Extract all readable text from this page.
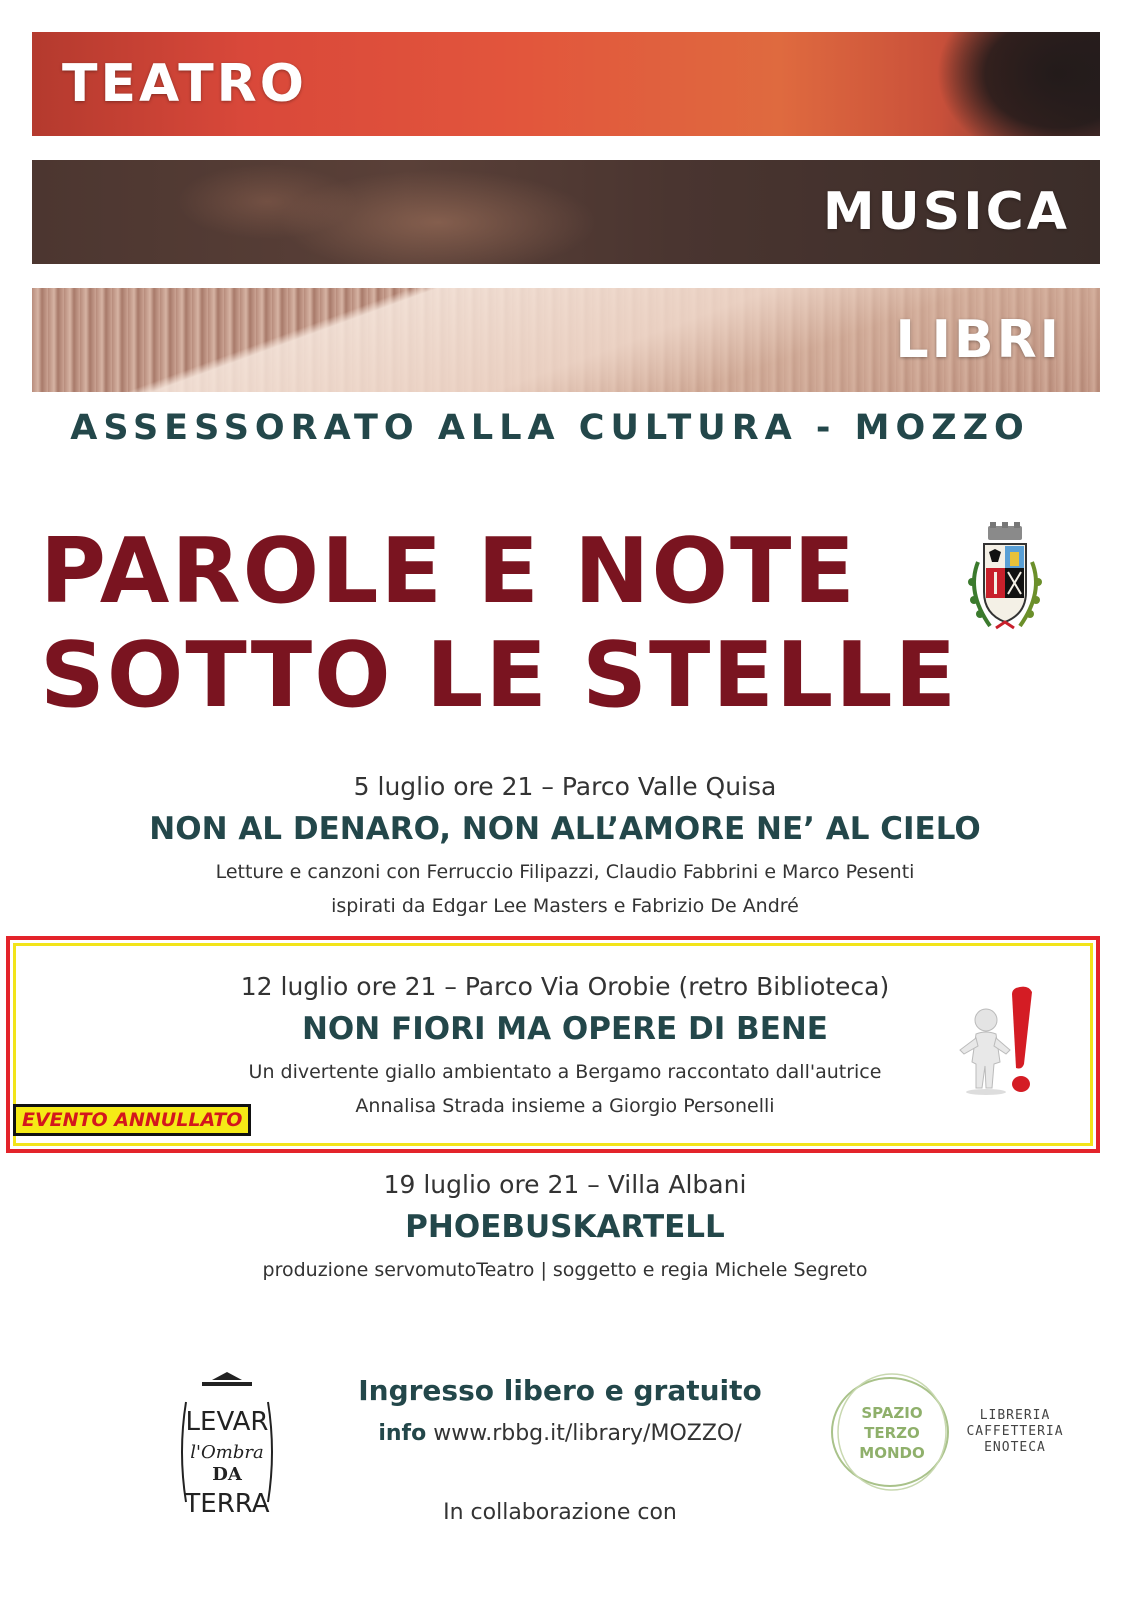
TEATRO
MUSICA
LIBRI
ASSESSORATO ALLA CULTURA - MOZZO
PAROLE E NOTE
SOTTO LE STELLE
5 luglio ore 21 – Parco Valle Quisa
NON AL DENARO, NON ALL’AMORE NE’ AL CIELO
Letture e canzoni con Ferruccio Filipazzi, Claudio Fabbrini e Marco Pesenti
ispirati da Edgar Lee Masters e Fabrizio De André
12 luglio ore 21 – Parco Via Orobie (retro Biblioteca)
NON FIORI MA OPERE DI BENE
Un divertente giallo ambientato a Bergamo raccontato dall'autrice
Annalisa Strada insieme a Giorgio Personelli
EVENTO ANNULLATO
19 luglio ore 21 – Villa Albani
PHOEBUSKARTELL
produzione servomutoTeatro | soggetto e regia Michele Segreto
LEVAR
l'Ombra
DA
TERRA
Ingresso libero e gratuito
info www.rbbg.it/library/MOZZO/
In collaborazione con
SPAZIO
TERZO
MONDO
LIBRERIA
CAFFETTERIA
ENOTECA
